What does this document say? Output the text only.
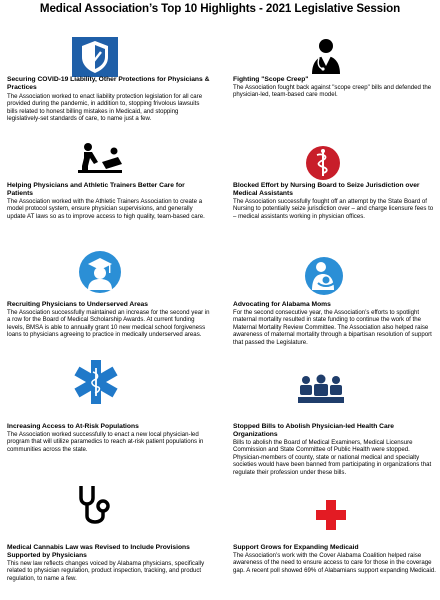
Medical Association’s Top 10 Highlights - 2021 Legislative Session
Securing COVID-19 Liability, Other Protections for Physicians & Practices
The Association worked to enact liability protection legislation for all care provided during the pandemic, in addition to, stopping frivolous lawsuits bills related to honest billing mistakes in Medicaid, and stopping legislatively-set standards of care, to name just a few.
Fighting "Scope Creep"
The Association fought back against "scope creep" bills and defended the physician-led, team-based care model.
Helping Physicians and Athletic Trainers Better Care for Patients
The Association worked with the Athletic Trainers Association to create a model protocol system, ensure physician supervisions, and generally update AT laws so as to improve access to high quality, team-based care.
Blocked Effort by Nursing Board to Seize Jurisdiction over Medical Assistants
The Association successfully fought off an attempt by the State Board of Nursing to potentially seize jurisdiction over – and charge licensure fees to – medical assistants working in physician offices.
Recruiting Physicians to Underserved Areas
The Association successfully maintained an increase for the second year in a row for the Board of Medical Scholarship Awards. At current funding levels, BMSA is able to annually grant 10 new medical school forgiveness loans to physicians agreeing to practice in medically underserved areas.
Advocating for Alabama Moms
For the second consecutive year, the Association’s efforts to spotlight maternal mortality resulted in state funding to continue the work of the Maternal Mortality Review Committee. The Association also helped raise awareness of maternal mortality through a bipartisan resolution of support that passed the Legislature.
Increasing Access to At-Risk Populations
The Association worked successfully to enact a new local physician-led program that will utilize paramedics to reach at-risk patient populations in communities across the state.
Stopped Bills to Abolish Physician-led Health Care Organizations
Bills to abolish the Board of Medical Examiners, Medical Licensure Commission and State Committee of Public Health were stopped. Physician-members of county, state or national medical and specialty societies would have been banned from participating in organizations that regulate their profession under these bills.
Medical Cannabis Law was Revised to Include Provisions Supported by Physicians
This new law reflects changes voiced by Alabama physicians, specifically related to physician regulation, product inspection, tracking, and product regulation, to name a few.
Support Grows for Expanding Medicaid
The Association’s work with the Cover Alabama Coalition helped raise awareness of the need to ensure access to care for those in the coverage gap. A recent poll showed 69% of Alabamians support expanding Medicaid.
